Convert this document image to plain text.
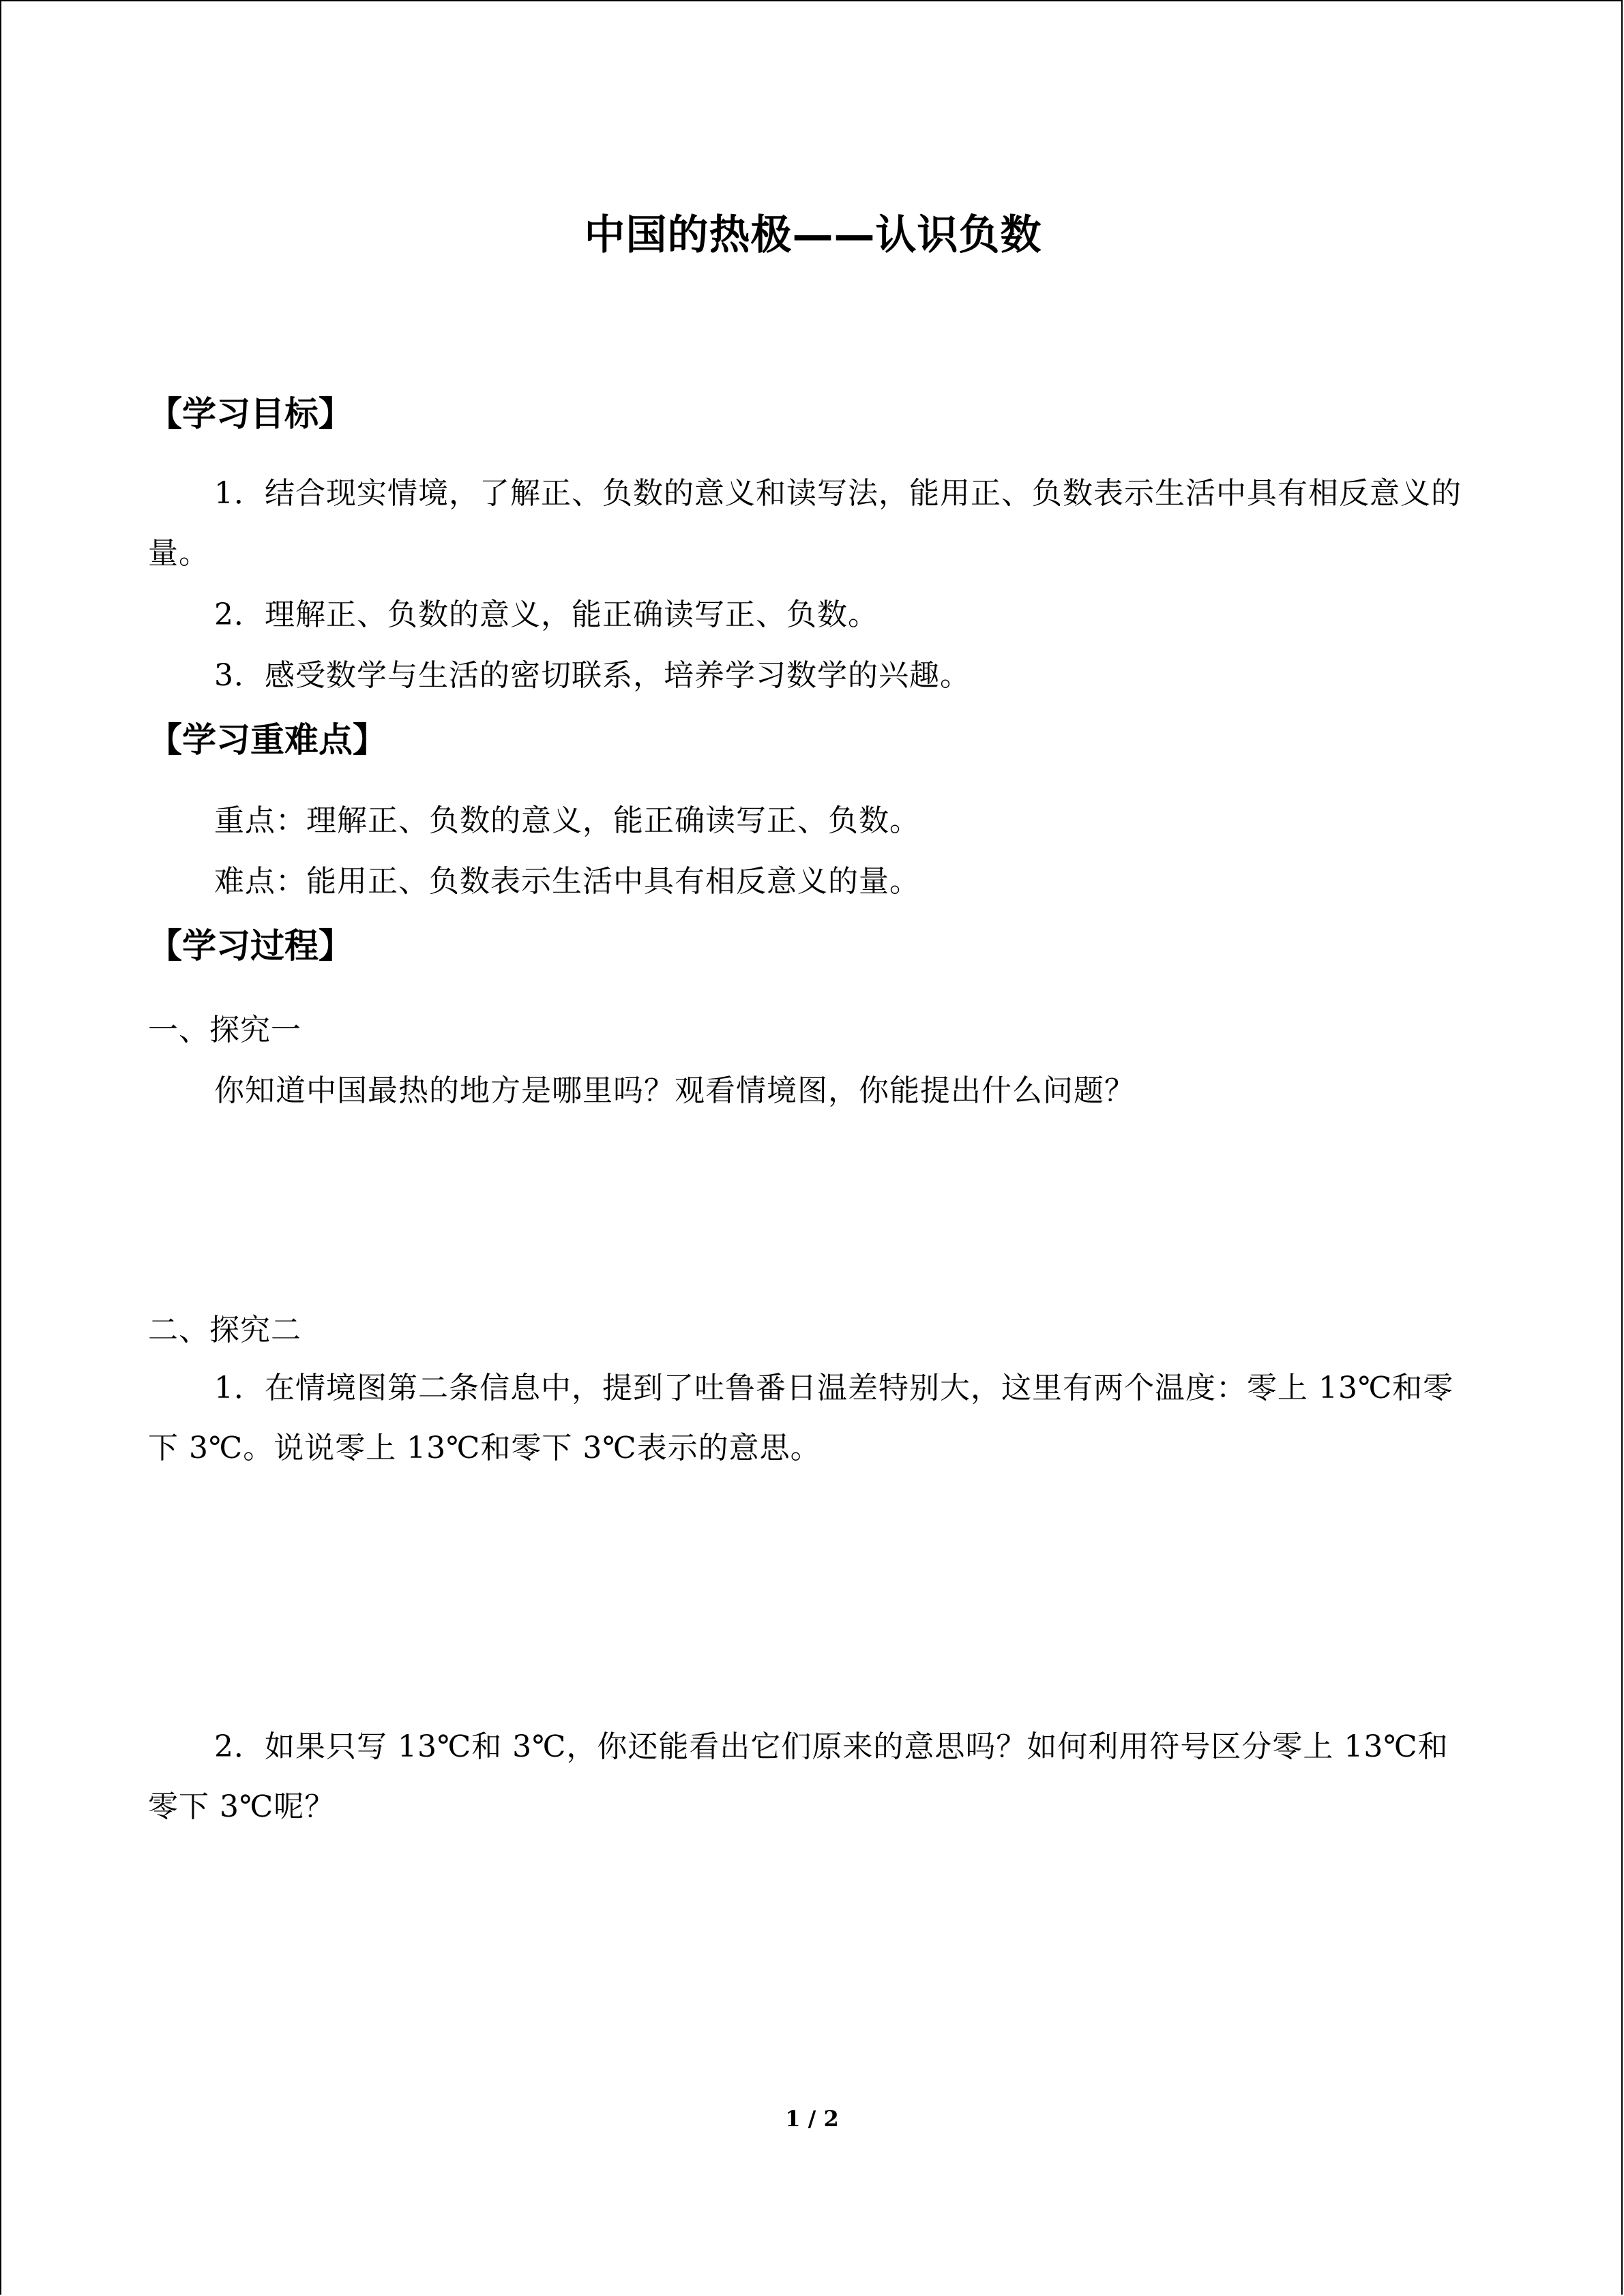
中国的热极——认识负数
【学习目标】
1．结合现实情境，了解正、负数的意义和读写法，能用正、负数表示生活中具有相反意义的量。
2．理解正、负数的意义，能正确读写正、负数。
3．感受数学与生活的密切联系，培养学习数学的兴趣。
【学习重难点】
重点：理解正、负数的意义，能正确读写正、负数。
难点：能用正、负数表示生活中具有相反意义的量。
【学习过程】
一、探究一
你知道中国最热的地方是哪里吗？观看情境图，你能提出什么问题？
二、探究二
1．在情境图第二条信息中，提到了吐鲁番日温差特别大，这里有两个温度：零上 13℃和零下 3℃。说说零上 13℃和零下 3℃表示的意思。
2．如果只写 13℃和 3℃，你还能看出它们原来的意思吗？如何利用符号区分零上 13℃和零下 3℃呢？
1 / 2
